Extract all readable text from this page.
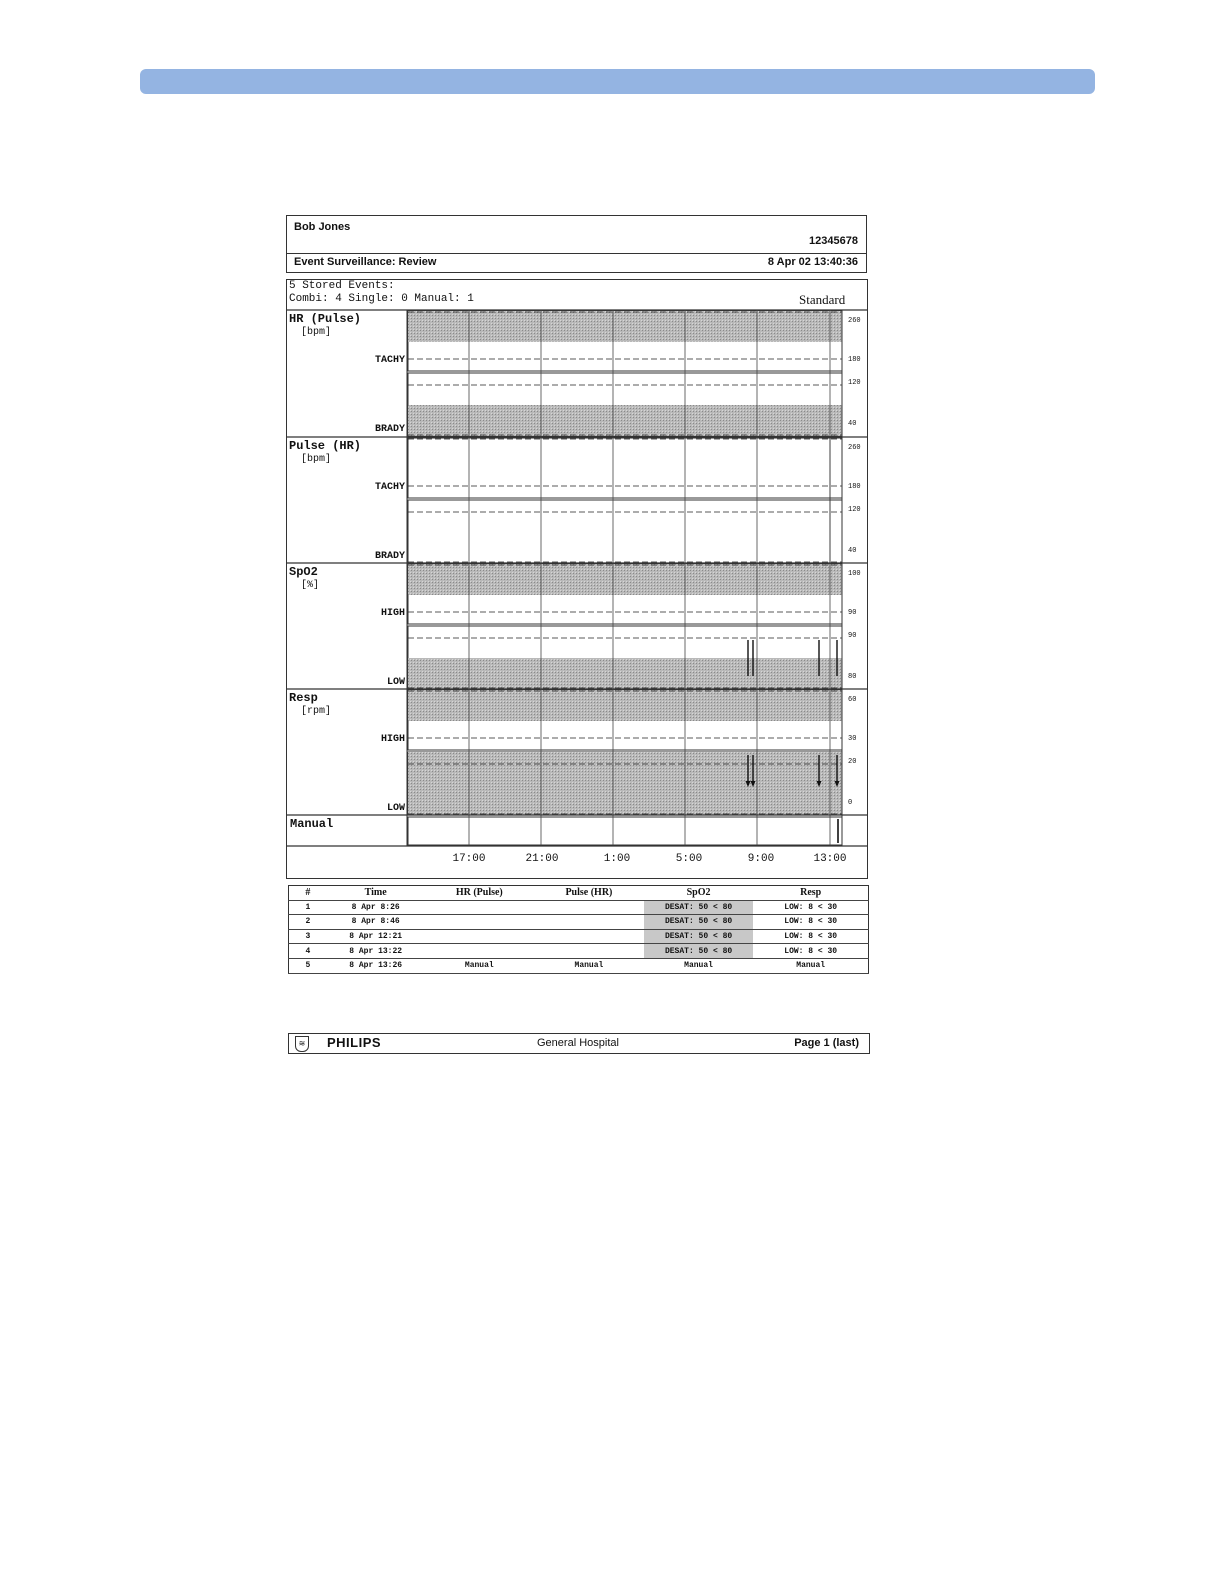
Bob Jones
12345678
Event Surveillance: Review	8 Apr 02 13:40:36
5 Stored Events:
Combi: 4 Single: 0 Manual: 1	Standard
260
180
120
40
HR (Pulse)
[bpm]
TACHY
BRADY
260
180
120
40
Pulse (HR)
[bpm]
TACHY
BRADY
100
90
90
80
SpO2
[%]
HIGH
LOW
60
30
20
0
Resp
[rpm]
HIGH
LOW
Manual
17:00	21:00	1:00	5:00	9:00	13:00
#	Time	HR (Pulse)	Pulse (HR)	SpO2	Resp
1	8 Apr 8:26			DESAT: 50 < 80	LOW: 8 < 30
2	8 Apr 8:46			DESAT: 50 < 80	LOW: 8 < 30
3	8 Apr 12:21			DESAT: 50 < 80	LOW: 8 < 30
4	8 Apr 13:22			DESAT: 50 < 80	LOW: 8 < 30
5	8 Apr 13:26	Manual	Manual	Manual	Manual
≋ PHILIPS	General Hospital	Page 1 (last)
